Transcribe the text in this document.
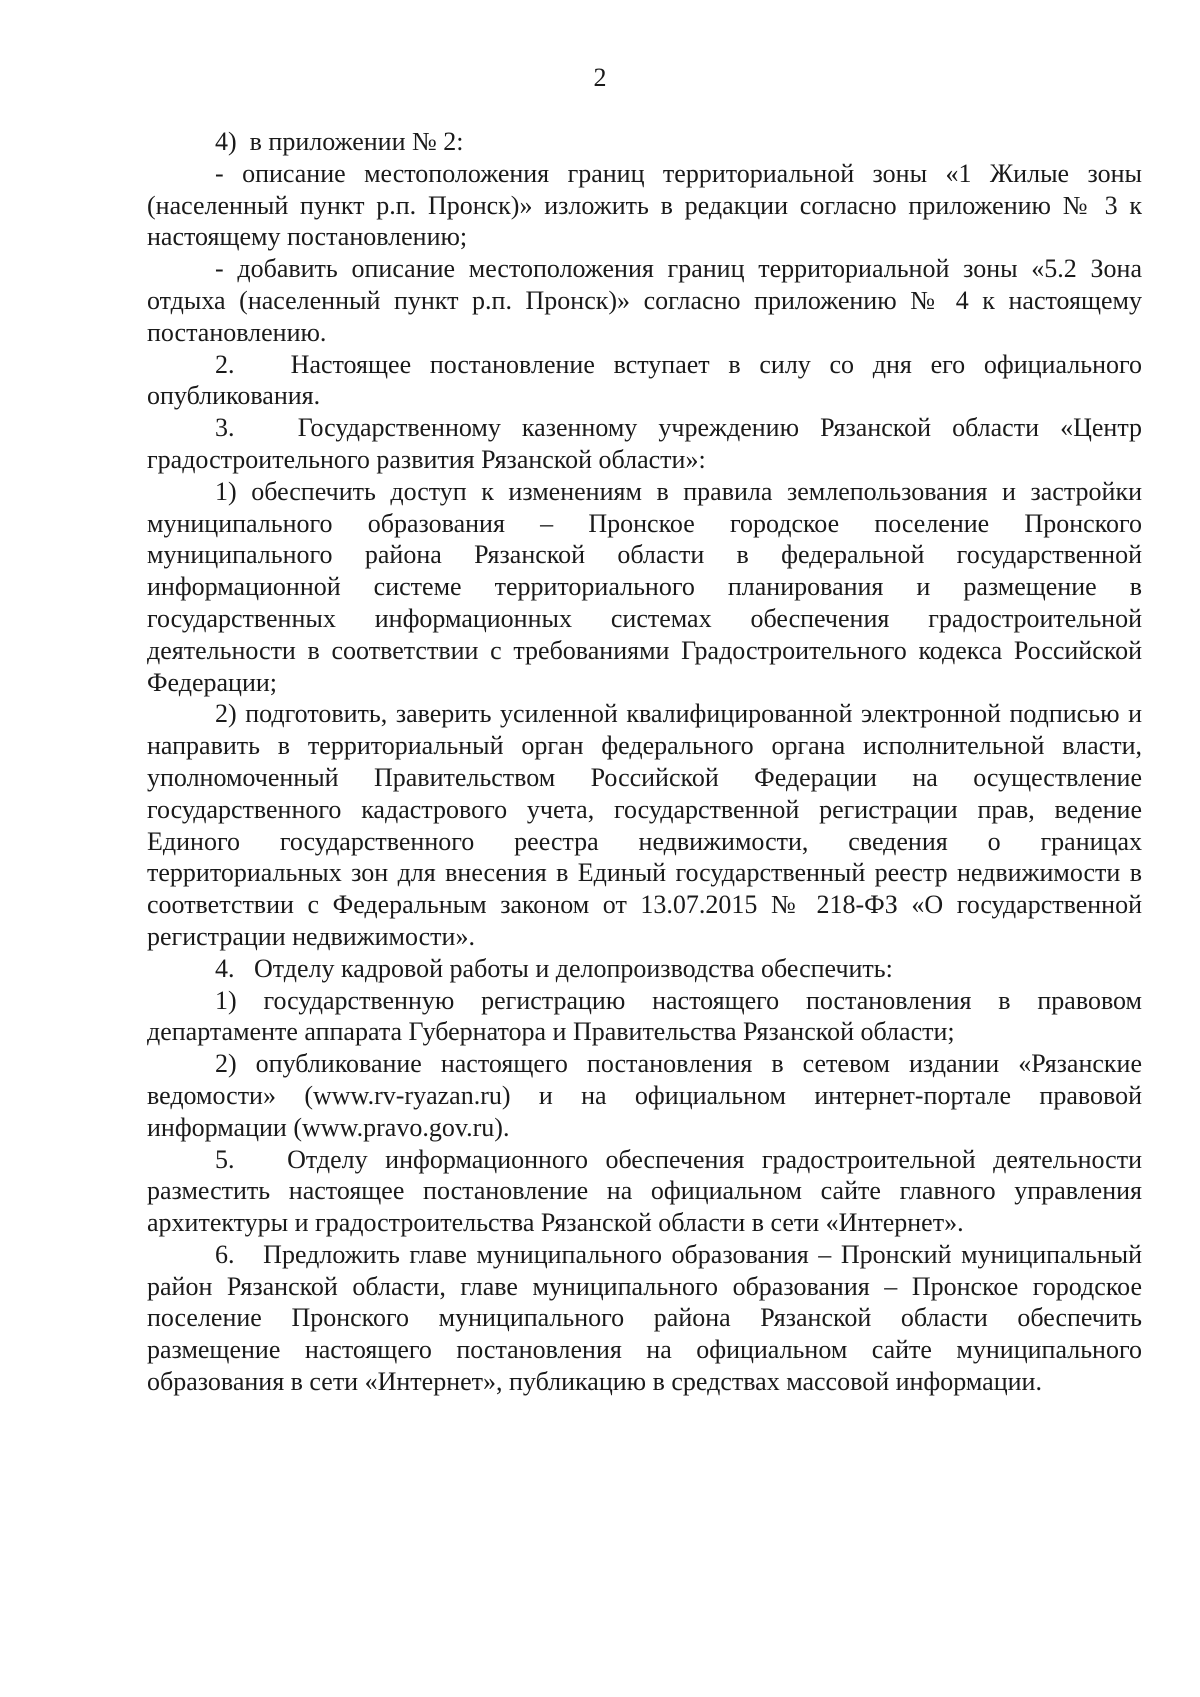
2

4)  в приложении № 2:

- описание местоположения границ территориальной зоны «1 Жилые зоны (населенный пункт р.п. Пронск)» изложить в редакции согласно приложению № 3 к настоящему постановлению;

- добавить описание местоположения границ территориальной зоны «5.2 Зона отдыха (населенный пункт р.п. Пронск)» согласно приложению № 4 к настоящему постановлению.

2.   Настоящее постановление вступает в силу со дня его официального опубликования.

3.   Государственному казенному учреждению Рязанской области «Центр градостроительного развития Рязанской области»:

1) обеспечить доступ к изменениям в правила землепользования и застройки муниципального образования – Пронское городское поселение Пронского муниципального района Рязанской области в федеральной государственной информационной системе территориального планирования и размещение в государственных информационных системах обеспечения градостроительной деятельности в соответствии с требованиями Градостроительного кодекса Российской Федерации;

2) подготовить, заверить усиленной квалифицированной электронной подписью и направить в территориальный орган федерального органа исполнительной власти, уполномоченный Правительством Российской Федерации на осуществление государственного кадастрового учета, государственной регистрации прав, ведение Единого государственного реестра недвижимости, сведения о границах территориальных зон для внесения в Единый государственный реестр недвижимости в соответствии с Федеральным законом от 13.07.2015 № 218-ФЗ «О государственной регистрации недвижимости».

4.   Отделу кадровой работы и делопроизводства обеспечить:

1) государственную регистрацию настоящего постановления в правовом департаменте аппарата Губернатора и Правительства Рязанской области;

2) опубликование настоящего постановления в сетевом издании «Рязанские ведомости» (www.rv-ryazan.ru) и на официальном интернет-портале правовой информации (www.pravo.gov.ru).

5.   Отделу информационного обеспечения градостроительной деятельности разместить настоящее постановление на официальном сайте главного управления архитектуры и градостроительства Рязанской области в сети «Интернет».

6.   Предложить главе муниципального образования – Пронский муниципальный район Рязанской области, главе муниципального образования – Пронское городское поселение Пронского муниципального района Рязанской области обеспечить размещение настоящего постановления на официальном сайте муниципального образования в сети «Интернет», публикацию в средствах массовой информации.
